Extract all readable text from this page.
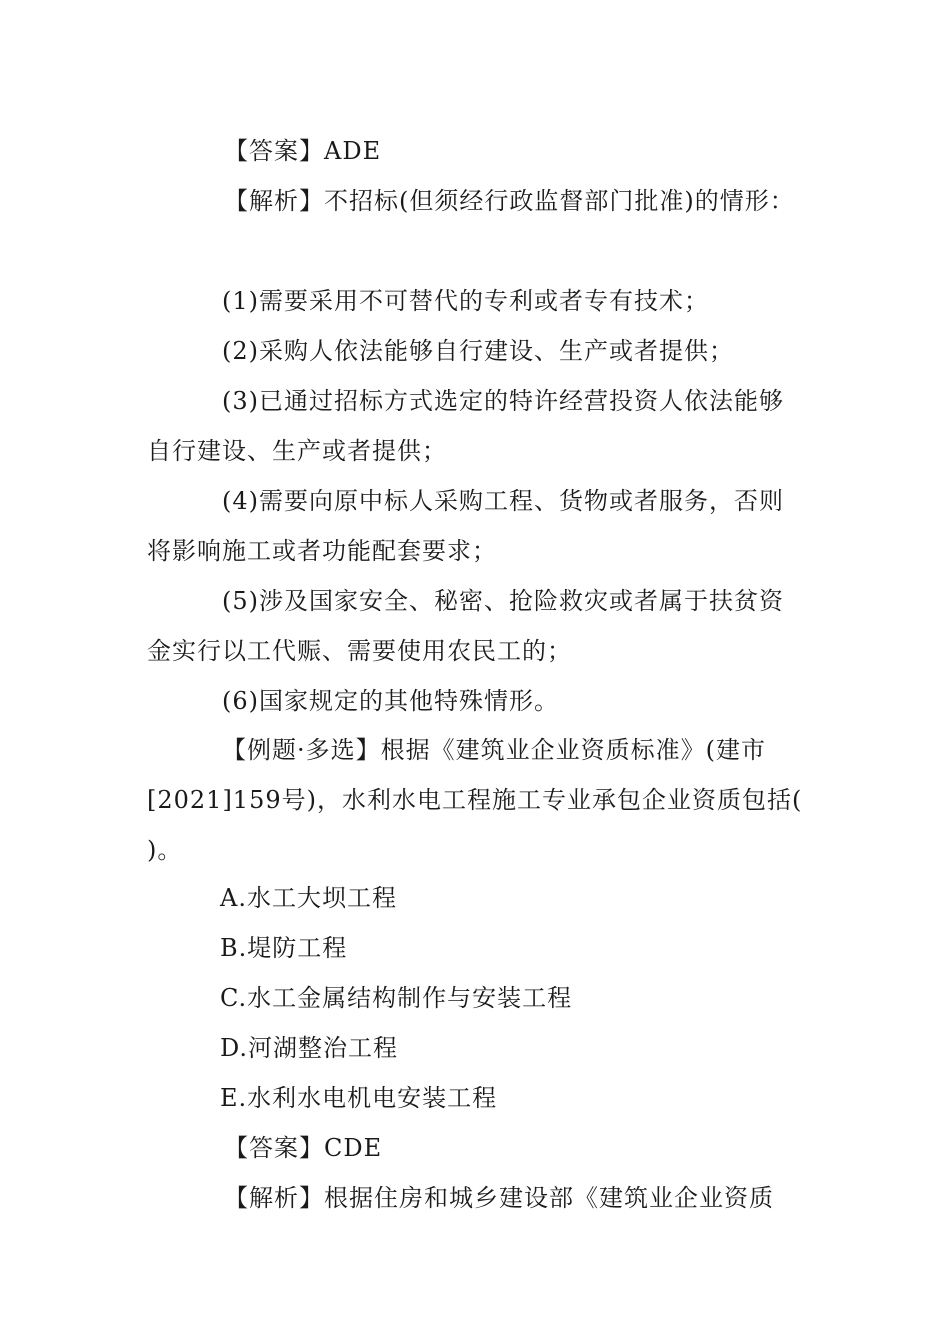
【答案】ADE
【解析】不招标(但须经行政监督部门批准)的情形：
(1)需要采用不可替代的专利或者专有技术；
(2)采购人依法能够自行建设、生产或者提供；
(3)已通过招标方式选定的特许经营投资人依法能够
自行建设、生产或者提供；
(4)需要向原中标人采购工程、货物或者服务，否则
将影响施工或者功能配套要求；
(5)涉及国家安全、秘密、抢险救灾或者属于扶贫资
金实行以工代赈、需要使用农民工的；
(6)国家规定的其他特殊情形。
【例题·多选】根据《建筑业企业资质标准》(建市
[2021]159号)，水利水电工程施工专业承包企业资质包括(
)。
A.水工大坝工程
B.堤防工程
C.水工金属结构制作与安装工程
D.河湖整治工程
E.水利水电机电安装工程
【答案】CDE
【解析】根据住房和城乡建设部《建筑业企业资质
